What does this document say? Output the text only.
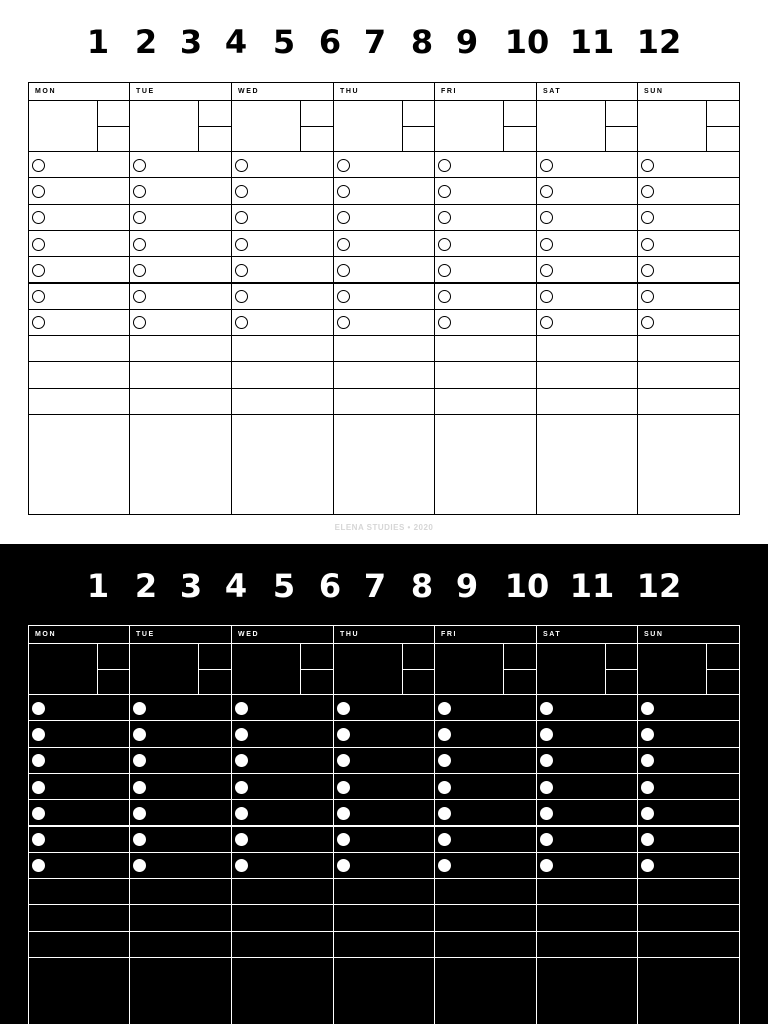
1 2 3 4 5 6 7 8 9 10 11 12
MON	TUE	WED	THU	FRI	SAT	SUN
ELENA STUDIES • 2020
1 2 3 4 5 6 7 8 9 10 11 12
MON	TUE	WED	THU	FRI	SAT	SUN
